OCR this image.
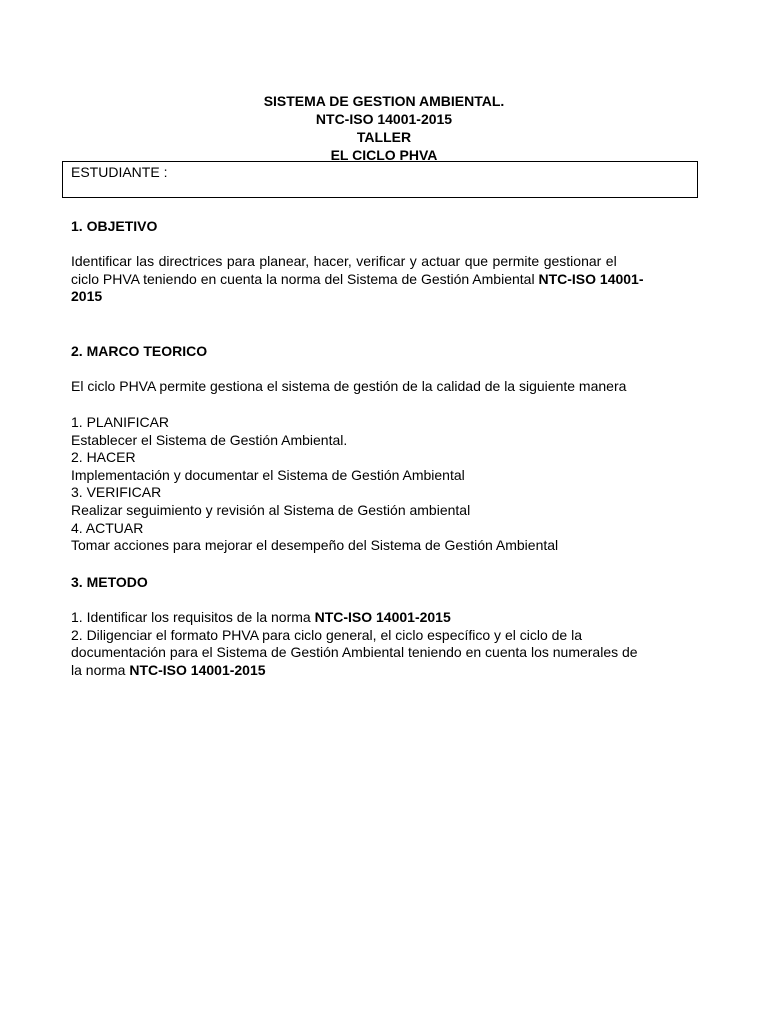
SISTEMA DE GESTION AMBIENTAL.
NTC-ISO 14001-2015
TALLER
EL CICLO PHVA
ESTUDIANTE :
1. OBJETIVO
Identificar las directrices para planear, hacer, verificar y actuar que permite gestionar el
ciclo PHVA teniendo en cuenta la norma del Sistema de Gestión Ambiental NTC-ISO 14001-
2015
2. MARCO TEORICO
El ciclo PHVA permite gestiona el sistema de gestión de la calidad de la siguiente manera
1. PLANIFICAR
Establecer el Sistema de Gestión Ambiental.
2. HACER
Implementación y documentar el Sistema de Gestión Ambiental
3. VERIFICAR
Realizar seguimiento y revisión al Sistema de Gestión ambiental
4. ACTUAR
Tomar acciones para mejorar el desempeño del Sistema de Gestión Ambiental
3. METODO
1. Identificar los requisitos de la norma NTC-ISO 14001-2015
2. Diligenciar el formato PHVA para ciclo general, el ciclo específico y el ciclo de la
documentación para el Sistema de Gestión Ambiental teniendo en cuenta los numerales de
la norma NTC-ISO 14001-2015
